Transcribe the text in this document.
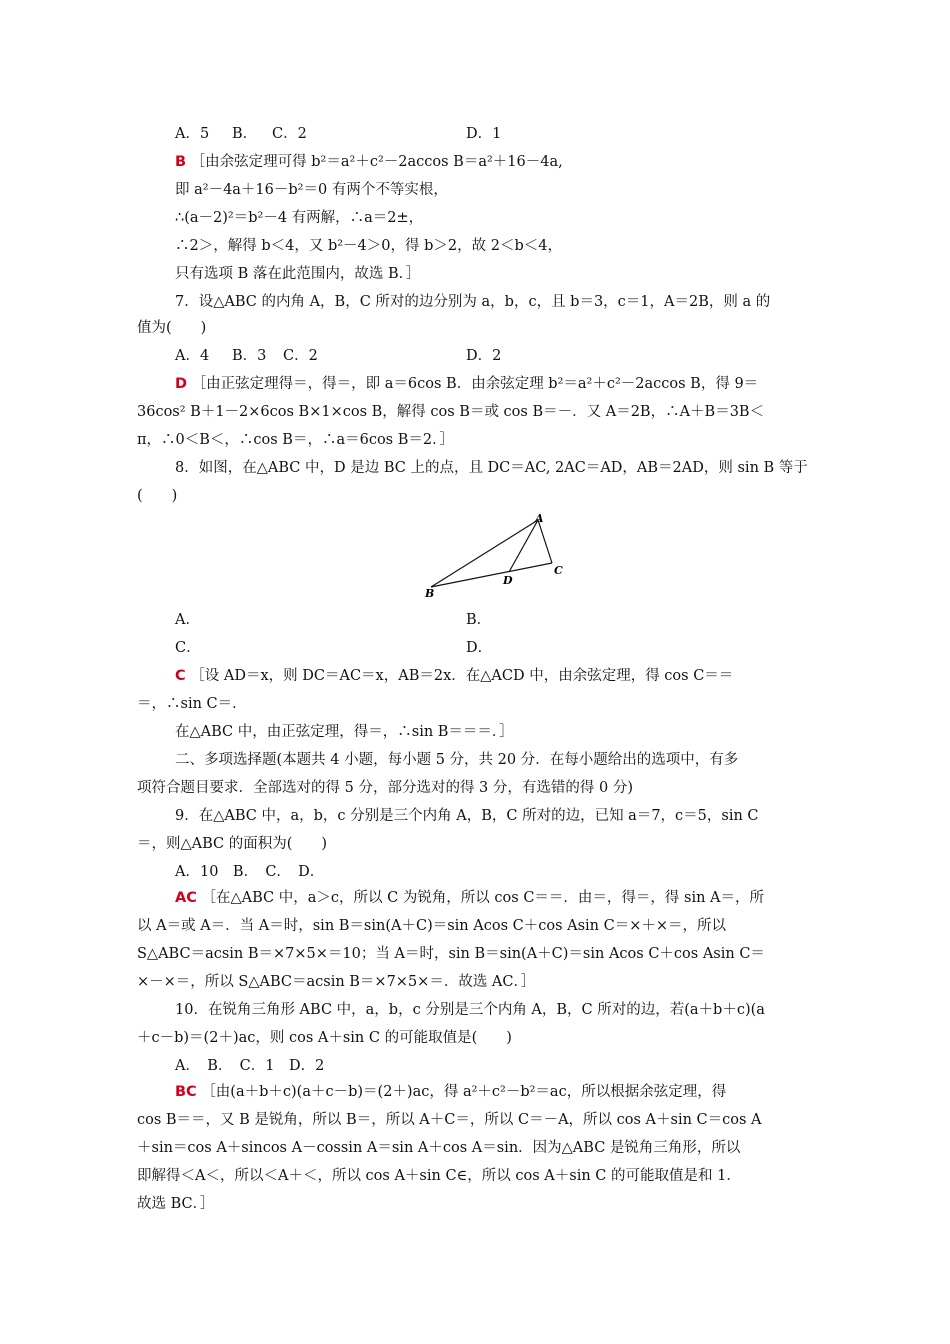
A．5 B． C．2	D．1
B ［由余弦定理可得 b²＝a²＋c²－2accos B＝a²＋16－4a,
即 a²－4a＋16－b²＝0 有两个不等实根，
∴(a－2)²＝b²－4 有两解，∴a＝2±，
∴2＞，解得 b＜4，又 b²－4＞0，得 b＞2，故 2＜b＜4，
只有选项 B 落在此范围内，故选 B．］
7．设△ABC 的内角 A，B，C 所对的边分别为 a，b，c，且 b＝3，c＝1，A＝2B，则 a 的
值为(　　)
A．4 B．3 C．2	D．2
D ［由正弦定理得＝，得＝，即 a＝6cos B．由余弦定理 b²＝a²＋c²－2accos B，得 9＝
36cos² B＋1－2×6cos B×1×cos B，解得 cos B＝或 cos B＝－．又 A＝2B，∴A＋B＝3B＜
π，∴0＜B＜，∴cos B＝，∴a＝6cos B＝2．］
8．如图，在△ABC 中，D 是边 BC 上的点，且 DC＝AC, 2AC＝AD，AB＝2AD，则 sin B 等于
(　　)
A
B
C
D
A．	B．
C．	D．
C ［设 AD＝x，则 DC＝AC＝x，AB＝2x．在△ACD 中，由余弦定理，得 cos C＝＝
＝，∴sin C＝．
在△ABC 中，由正弦定理，得＝，∴sin B＝＝＝．］
二、多项选择题(本题共 4 小题，每小题 5 分，共 20 分．在每小题给出的选项中，有多
项符合题目要求．全部选对的得 5 分，部分选对的得 3 分，有选错的得 0 分)
9．在△ABC 中，a，b，c 分别是三个内角 A，B，C 所对的边，已知 a＝7，c＝5，sin C
＝，则△ABC 的面积为(　　)
A．10　B．　C．　D．
AC ［在△ABC 中，a＞c，所以 C 为锐角，所以 cos C＝＝．由＝，得＝，得 sin A＝，所
以 A＝或 A＝．当 A＝时，sin B＝sin(A＋C)＝sin Acos C＋cos Asin C＝×＋×＝，所以
S△ABC＝acsin B＝×7×5×＝10；当 A＝时，sin B＝sin(A＋C)＝sin Acos C＋cos Asin C＝
×－×＝，所以 S△ABC＝acsin B＝×7×5×＝．故选 AC．］
10．在锐角三角形 ABC 中，a，b，c 分别是三个内角 A，B，C 所对的边，若(a＋b＋c)(a
＋c－b)＝(2＋)ac，则 cos A＋sin C 的可能取值是(　　)
A．　B．　C．1　D．2
BC ［由(a＋b＋c)(a＋c－b)＝(2＋)ac，得 a²＋c²－b²＝ac，所以根据余弦定理，得
cos B＝＝，又 B 是锐角，所以 B＝，所以 A＋C＝，所以 C＝－A，所以 cos A＋sin C＝cos A
＋sin＝cos A＋sincos A－cossin A＝sin A＋cos A＝sin．因为△ABC 是锐角三角形，所以
即解得＜A＜，所以＜A＋＜，所以 cos A＋sin C∈，所以 cos A＋sin C 的可能取值是和 1．
故选 BC．］
